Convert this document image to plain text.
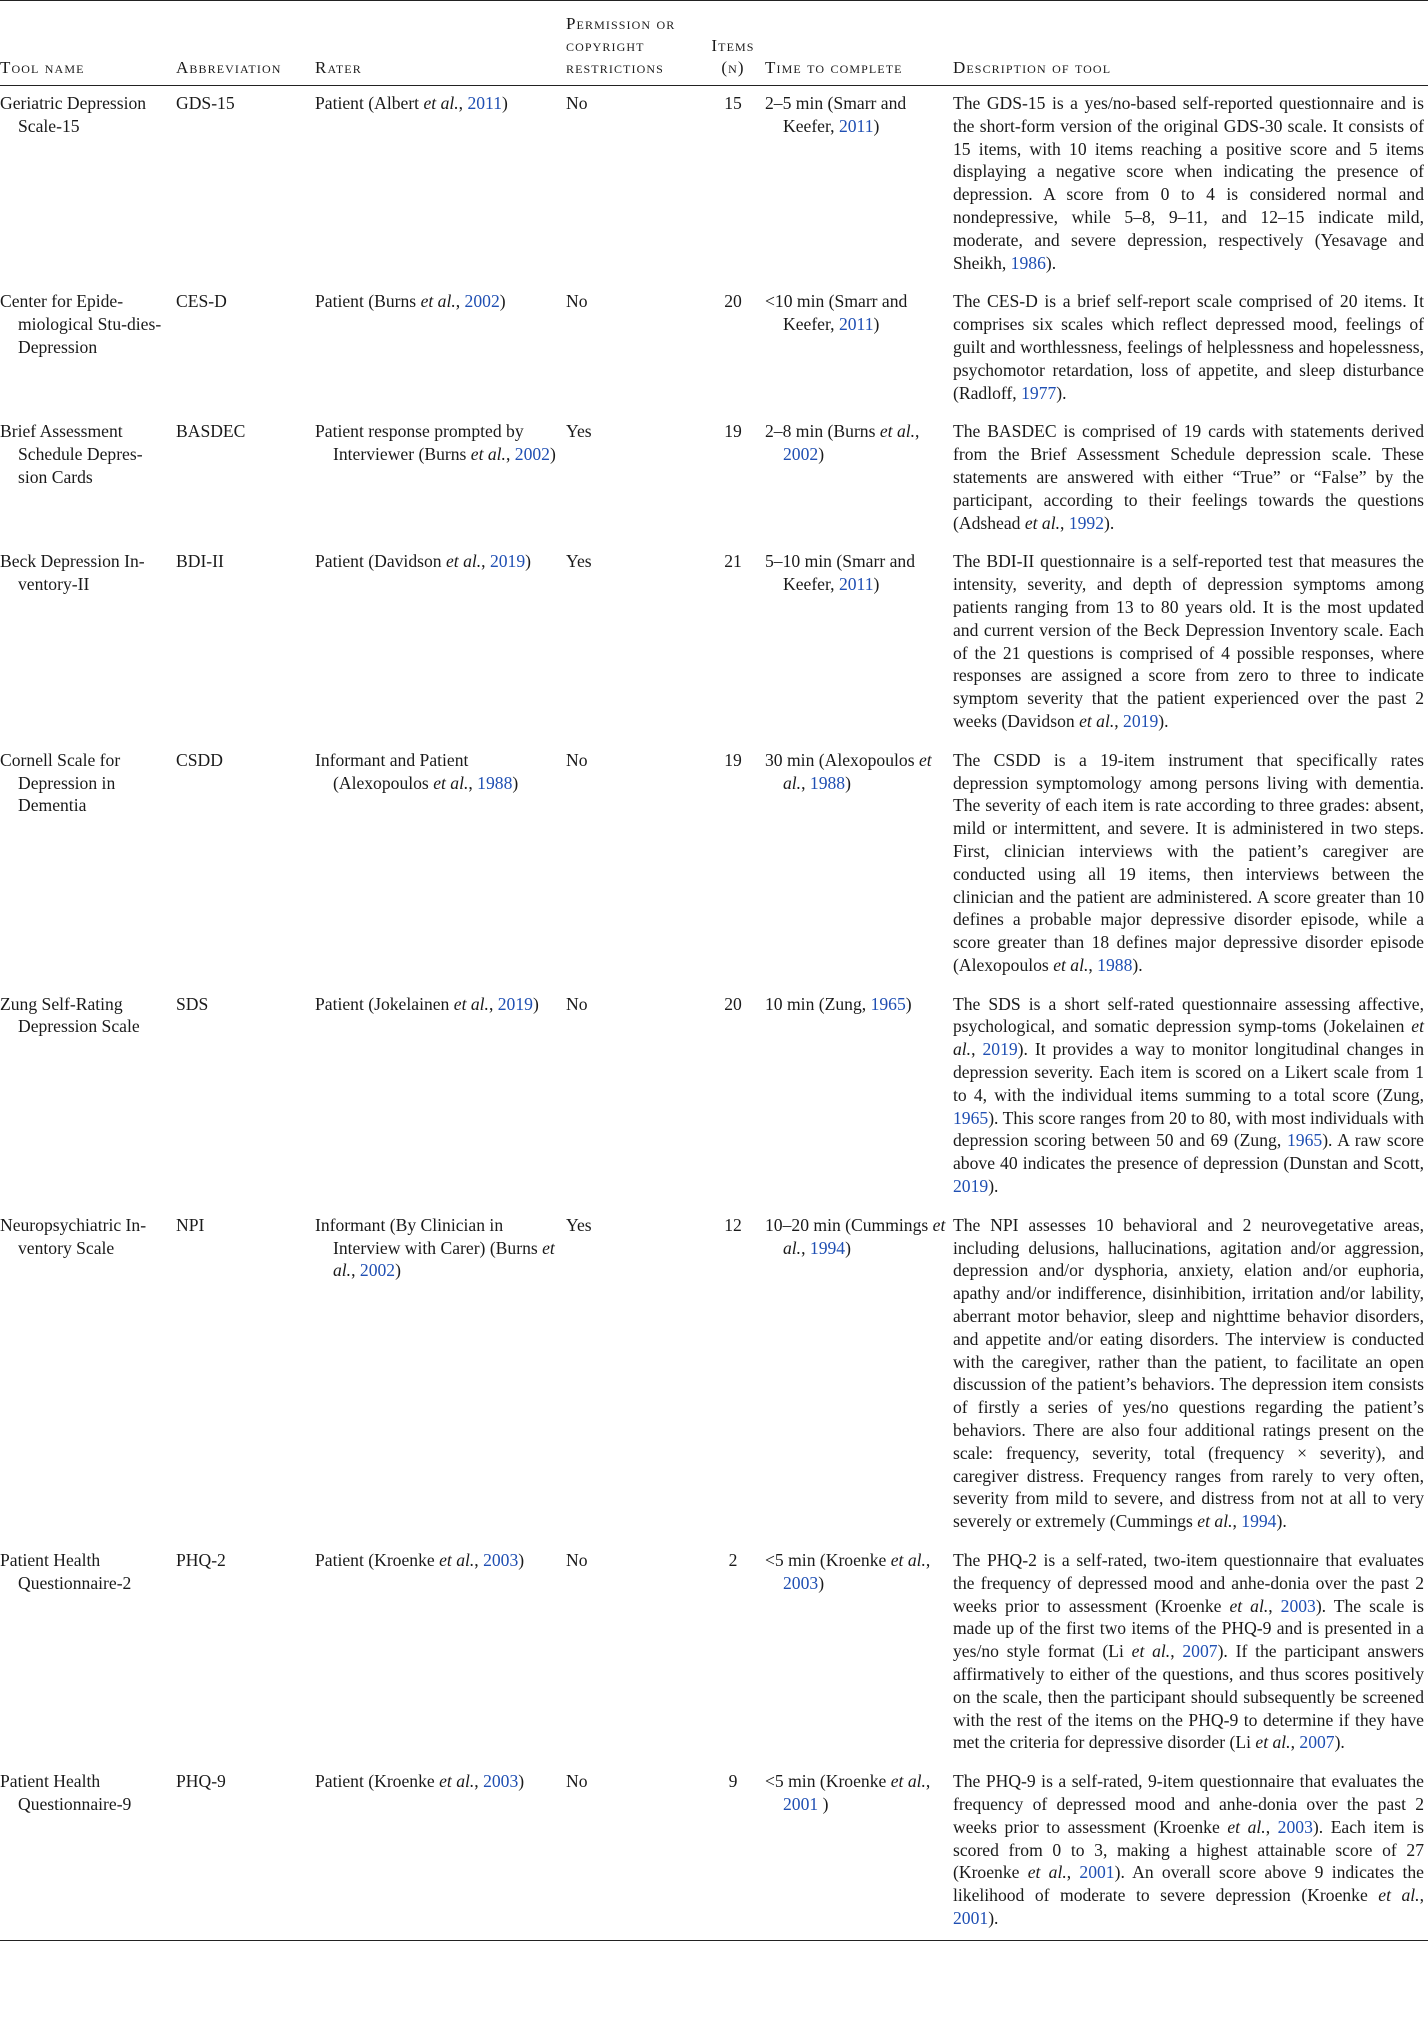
Tool name	Abbreviation	Rater	Permission or copyright restrictions	Items (n)	Time to complete	Description of tool
Geriatric Depression Scale-15	GDS-15	Patient (Albert et al., 2011)	No	15	2–5 min (Smarr and Keefer, 2011)	The GDS-15 is a yes/no-based self-reported questionnaire and is the short-form version of the original GDS-30 scale. It consists of 15 items, with 10 items reaching a positive score and 5 items displaying a negative score when indicating the presence of depression. A score from 0 to 4 is considered normal and nondepressive, while 5–8, 9–11, and 12–15 indicate mild, moderate, and severe depression, respectively (Yesavage and Sheikh, 1986).
Center for Epide-miological Stu-dies-Depression	CES-D	Patient (Burns et al., 2002)	No	20	<10 min (Smarr and Keefer, 2011)	The CES-D is a brief self-report scale comprised of 20 items. It comprises six scales which reflect depressed mood, feelings of guilt and worthlessness, feelings of helplessness and hopelessness, psychomotor retardation, loss of appetite, and sleep disturbance (Radloff, 1977).
Brief Assessment Schedule Depres-sion Cards	BASDEC	Patient response prompted by Interviewer (Burns et al., 2002)	Yes	19	2–8 min (Burns et al., 2002)	The BASDEC is comprised of 19 cards with statements derived from the Brief Assessment Schedule depression scale. These statements are answered with either “True” or “False” by the participant, according to their feelings towards the questions (Adshead et al., 1992).
Beck Depression In-ventory-II	BDI-II	Patient (Davidson et al., 2019)	Yes	21	5–10 min (Smarr and Keefer, 2011)	The BDI-II questionnaire is a self-reported test that measures the intensity, severity, and depth of depression symptoms among patients ranging from 13 to 80 years old. It is the most updated and current version of the Beck Depression Inventory scale. Each of the 21 questions is comprised of 4 possible responses, where responses are assigned a score from zero to three to indicate symptom severity that the patient experienced over the past 2 weeks (Davidson et al., 2019).
Cornell Scale for Depression in Dementia	CSDD	Informant and Patient (Alexopoulos et al., 1988)	No	19	30 min (Alexopoulos et al., 1988)	The CSDD is a 19-item instrument that specifically rates depression symptomology among persons living with dementia. The severity of each item is rate according to three grades: absent, mild or intermittent, and severe. It is administered in two steps. First, clinician interviews with the patient’s caregiver are conducted using all 19 items, then interviews between the clinician and the patient are administered. A score greater than 10 defines a probable major depressive disorder episode, while a score greater than 18 defines major depressive disorder episode (Alexopoulos et al., 1988).
Zung Self-Rating Depression Scale	SDS	Patient (Jokelainen et al., 2019)	No	20	10 min (Zung, 1965)	The SDS is a short self-rated questionnaire assessing affective, psychological, and somatic depression symp-toms (Jokelainen et al., 2019). It provides a way to monitor longitudinal changes in depression severity. Each item is scored on a Likert scale from 1 to 4, with the individual items summing to a total score (Zung, 1965). This score ranges from 20 to 80, with most individuals with depression scoring between 50 and 69 (Zung, 1965). A raw score above 40 indicates the presence of depression (Dunstan and Scott, 2019).
Neuropsychiatric In-ventory Scale	NPI	Informant (By Clinician in Interview with Carer) (Burns et al., 2002)	Yes	12	10–20 min (Cummings et al., 1994)	The NPI assesses 10 behavioral and 2 neurovegetative areas, including delusions, hallucinations, agitation and/or aggression, depression and/or dysphoria, anxiety, elation and/or euphoria, apathy and/or indifference, disinhibition, irritation and/or lability, aberrant motor behavior, sleep and nighttime behavior disorders, and appetite and/or eating disorders. The interview is conducted with the caregiver, rather than the patient, to facilitate an open discussion of the patient’s behaviors. The depression item consists of firstly a series of yes/no questions regarding the patient’s behaviors. There are also four additional ratings present on the scale: frequency, severity, total (frequency × severity), and caregiver distress. Frequency ranges from rarely to very often, severity from mild to severe, and distress from not at all to very severely or extremely (Cummings et al., 1994).
Patient Health Questionnaire-2	PHQ-2	Patient (Kroenke et al., 2003)	No	2	<5 min (Kroenke et al., 2003)	The PHQ-2 is a self-rated, two-item questionnaire that evaluates the frequency of depressed mood and anhe-donia over the past 2 weeks prior to assessment (Kroenke et al., 2003). The scale is made up of the first two items of the PHQ-9 and is presented in a yes/no style format (Li et al., 2007). If the participant answers affirmatively to either of the questions, and thus scores positively on the scale, then the participant should subsequently be screened with the rest of the items on the PHQ-9 to determine if they have met the criteria for depressive disorder (Li et al., 2007).
Patient Health Questionnaire-9	PHQ-9	Patient (Kroenke et al., 2003)	No	9	<5 min (Kroenke et al., 2001 )	The PHQ-9 is a self-rated, 9-item questionnaire that evaluates the frequency of depressed mood and anhe-donia over the past 2 weeks prior to assessment (Kroenke et al., 2003). Each item is scored from 0 to 3, making a highest attainable score of 27 (Kroenke et al., 2001). An overall score above 9 indicates the likelihood of moderate to severe depression (Kroenke et al., 2001).
